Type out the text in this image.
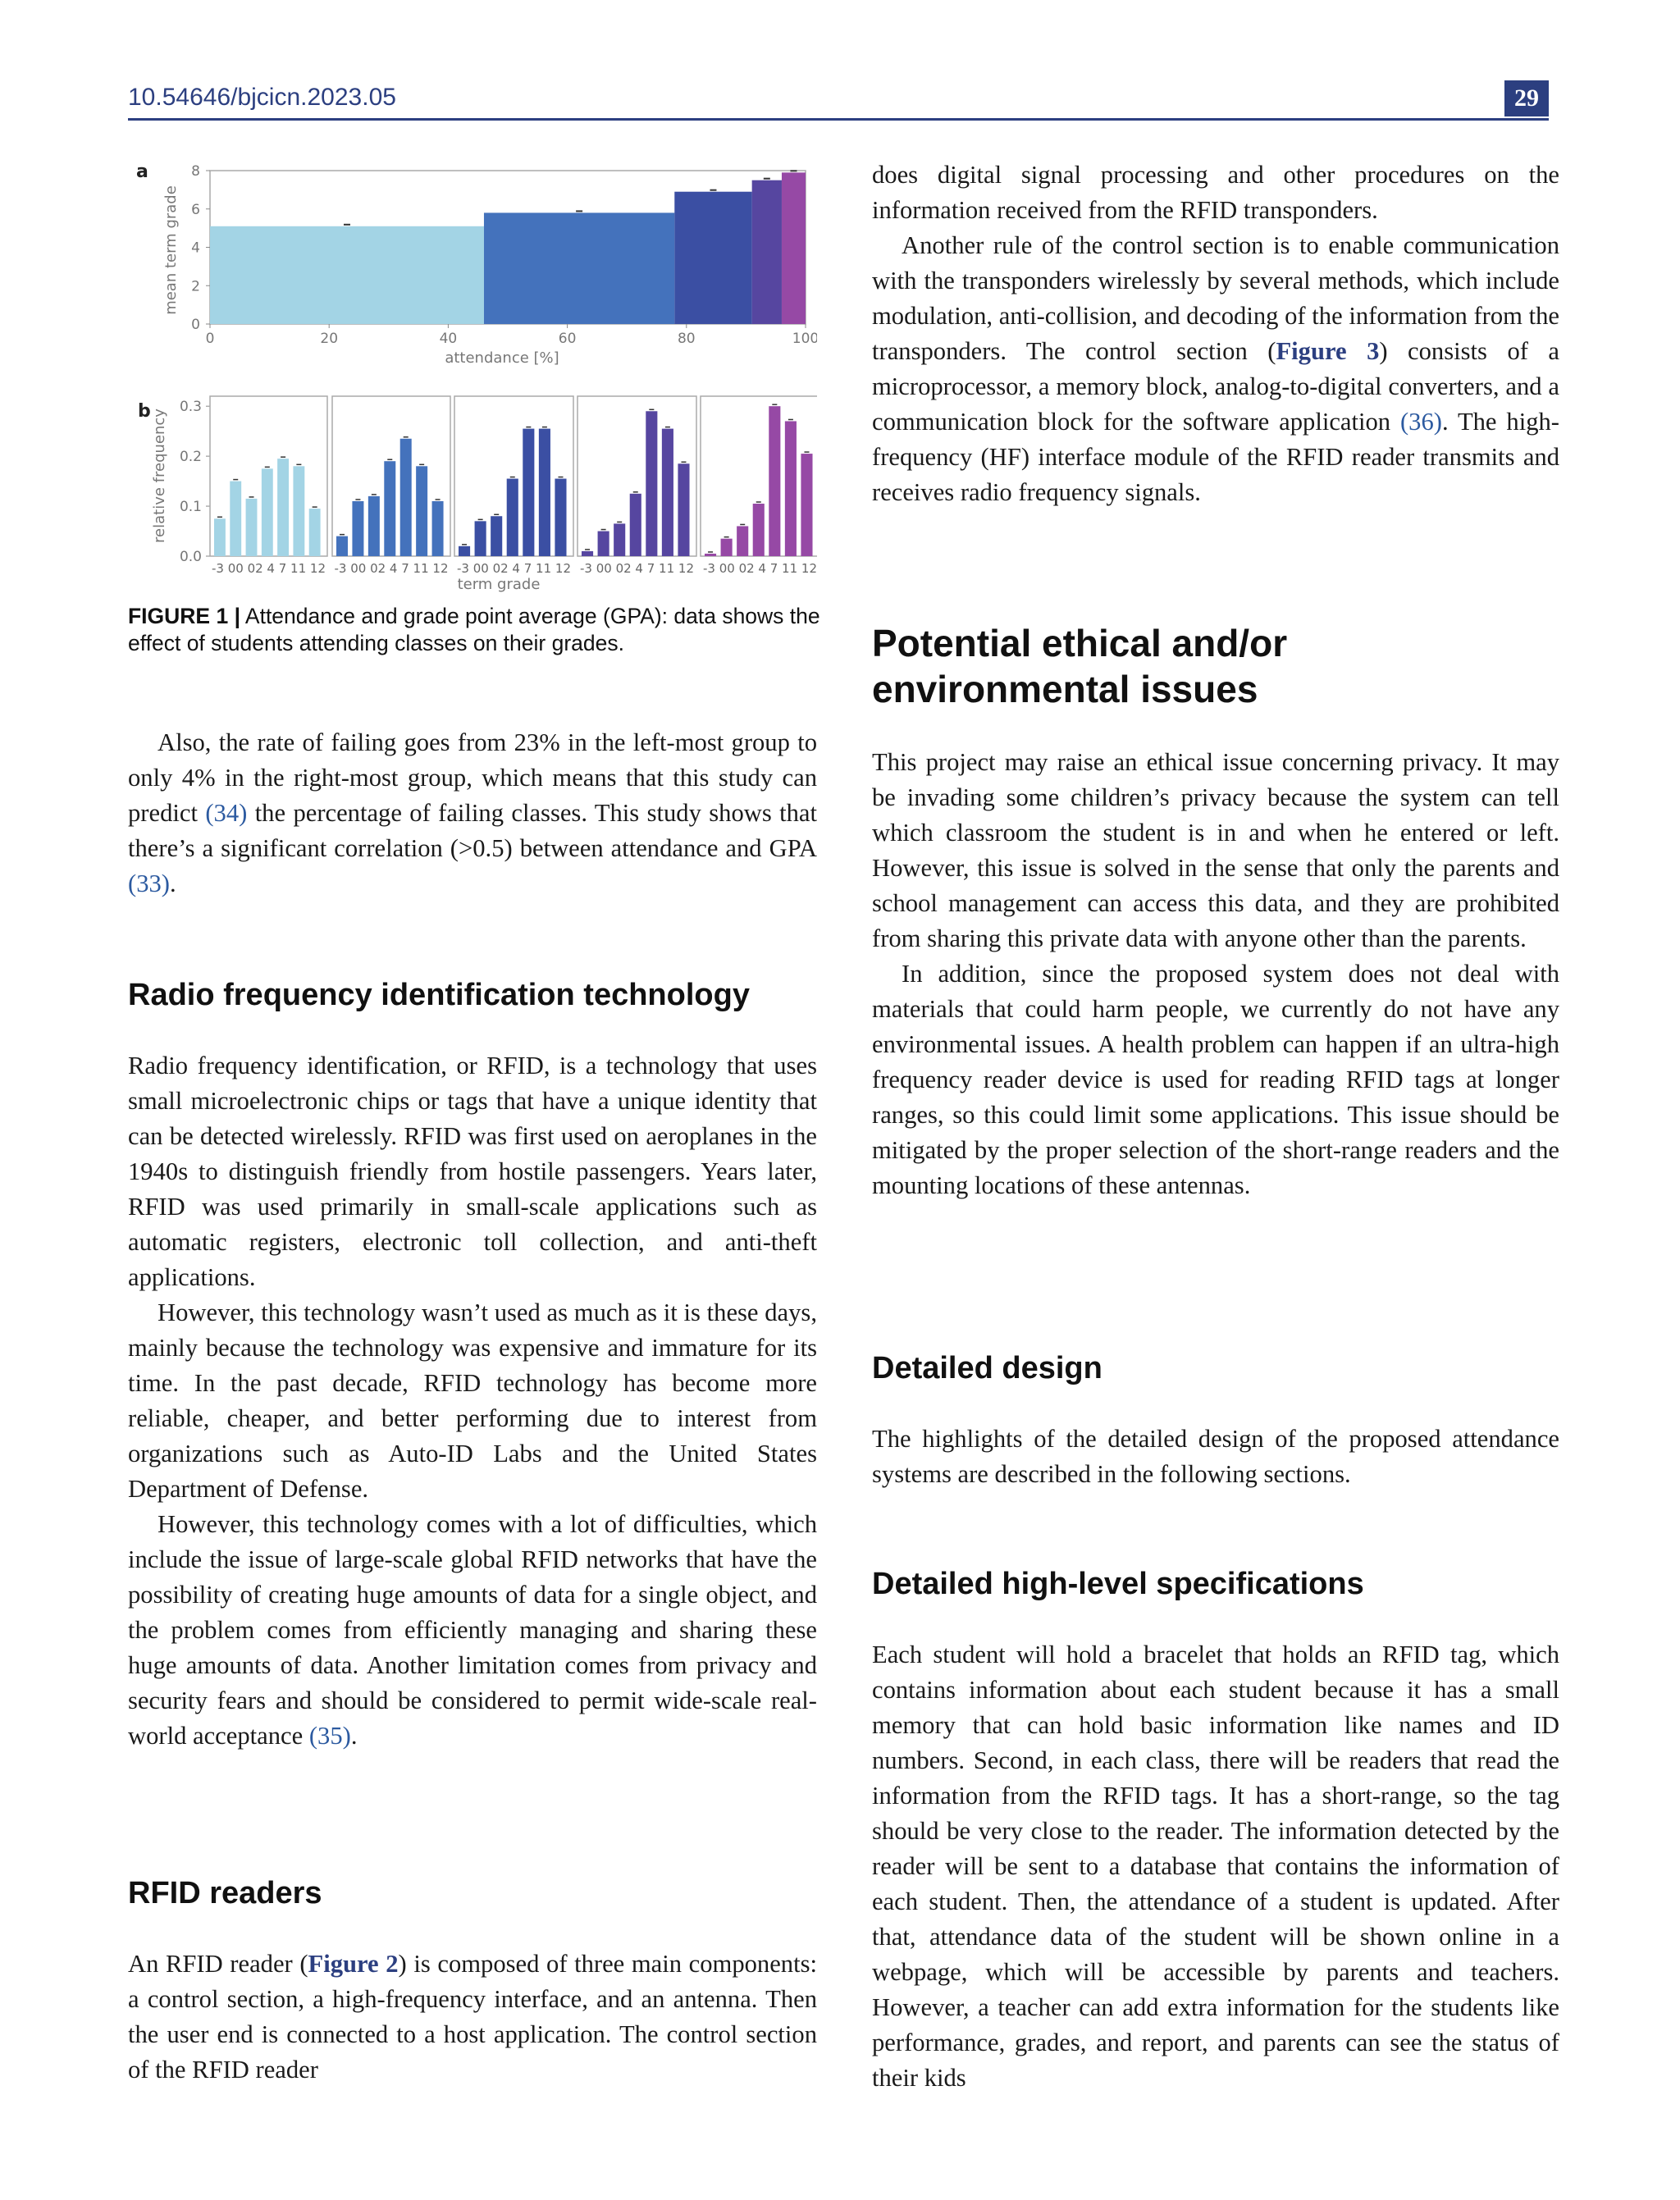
10.54646/bjcicn.2023.05	29
a
mean term grade
attendance [%]
0
2
4
6
8
0	20	40	60	80	100
b relative frequency
term grade
0.0
0.1
0.2
0.3
-3 00 02 4 7 11 12 -3 00 02 4 7 11 12 -3 00 02 4 7 11 12 -3 00 02 4 7 11 12 -3 00 02 4 7 11 12
FIGURE 1 | Attendance and grade point average (GPA): data shows the effect of students attending classes on their grades.

Also, the rate of failing goes from 23% in the left-most group to only 4% in the right-most group, which means that this study can predict (34) the percentage of failing classes. This study shows that there’s a significant correlation (>0.5) between attendance and GPA (33).

Radio frequency identification technology

Radio frequency identification, or RFID, is a technology that uses small microelectronic chips or tags that have a unique identity that can be detected wirelessly. RFID was first used on aeroplanes in the 1940s to distinguish friendly from hostile passengers. Years later, RFID was used primarily in small-scale applications such as automatic registers, electronic toll collection, and anti-theft applications.

However, this technology wasn’t used as much as it is these days, mainly because the technology was expensive and immature for its time. In the past decade, RFID technology has become more reliable, cheaper, and better performing due to interest from organizations such as Auto-ID Labs and the United States Department of Defense.

However, this technology comes with a lot of difficulties, which include the issue of large-scale global RFID networks that have the possibility of creating huge amounts of data for a single object, and the problem comes from efficiently managing and sharing these huge amounts of data. Another limitation comes from privacy and security fears and should be considered to permit wide-scale real-world acceptance (35).

RFID readers

An RFID reader (Figure 2) is composed of three main components: a control section, a high-frequency interface, and an antenna. Then the user end is connected to a host application. The control section of the RFID reader

does digital signal processing and other procedures on the information received from the RFID transponders.

Another rule of the control section is to enable communication with the transponders wirelessly by several methods, which include modulation, anti-collision, and decoding of the information from the transponders. The control section (Figure 3) consists of a microprocessor, a memory block, analog-to-digital converters, and a communication block for the software application (36). The high-frequency (HF) interface module of the RFID reader transmits and receives radio frequency signals.

Potential ethical and/or
environmental issues

This project may raise an ethical issue concerning privacy. It may be invading some children’s privacy because the system can tell which classroom the student is in and when he entered or left. However, this issue is solved in the sense that only the parents and school management can access this data, and they are prohibited from sharing this private data with anyone other than the parents.

In addition, since the proposed system does not deal with materials that could harm people, we currently do not have any environmental issues. A health problem can happen if an ultra-high frequency reader device is used for reading RFID tags at longer ranges, so this could limit some applications. This issue should be mitigated by the proper selection of the short-range readers and the mounting locations of these antennas.

Detailed design

The highlights of the detailed design of the proposed attendance systems are described in the following sections.

Detailed high-level specifications

Each student will hold a bracelet that holds an RFID tag, which contains information about each student because it has a small memory that can hold basic information like names and ID numbers. Second, in each class, there will be readers that read the information from the RFID tags. It has a short-range, so the tag should be very close to the reader. The information detected by the reader will be sent to a database that contains the information of each student. Then, the attendance of a student is updated. After that, attendance data of the student will be shown online in a webpage, which will be accessible by parents and teachers. However, a teacher can add extra information for the students like performance, grades, and report, and parents can see the status of their kids
